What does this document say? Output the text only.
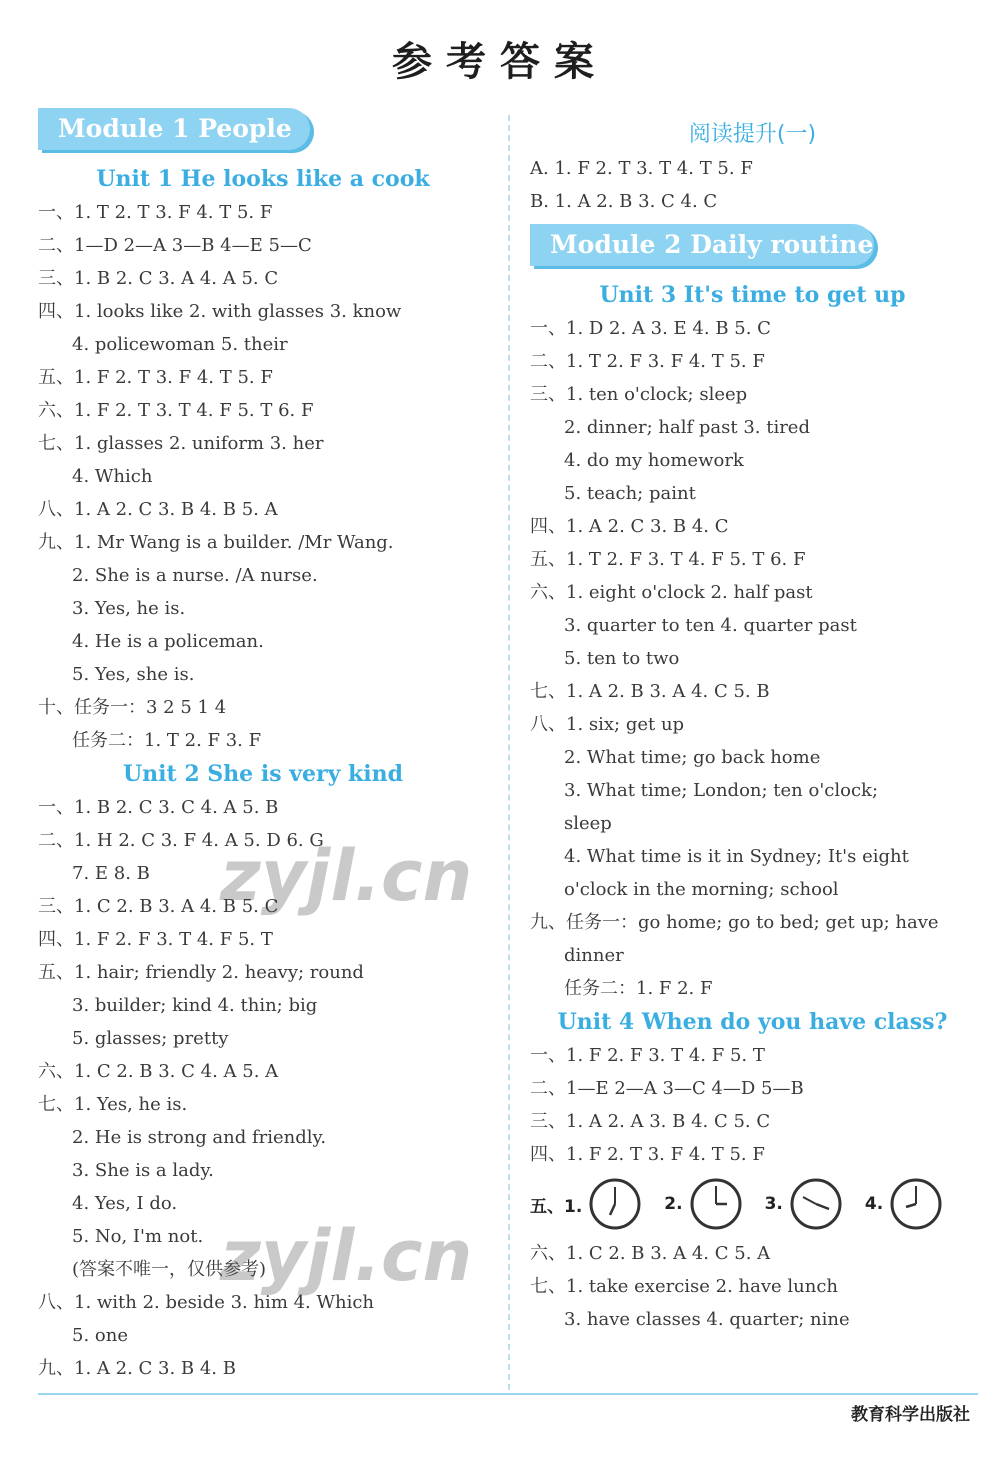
参考答案
Module 1 People
Unit 1 He looks like a cook
一、1. T 2. T 3. F 4. T 5. F
二、1—D 2—A 3—B 4—E 5—C
三、1. B 2. C 3. A 4. A 5. C
四、1. looks like 2. with glasses 3. know
4. policewoman 5. their
五、1. F 2. T 3. F 4. T 5. F
六、1. F 2. T 3. T 4. F 5. T 6. F
七、1. glasses 2. uniform 3. her
4. Which
八、1. A 2. C 3. B 4. B 5. A
九、1. Mr Wang is a builder. /Mr Wang.
2. She is a nurse. /A nurse.
3. Yes, he is.
4. He is a policeman.
5. Yes, she is.
十、任务一：3 2 5 1 4
任务二：1. T 2. F 3. F
Unit 2 She is very kind
一、1. B 2. C 3. C 4. A 5. B
二、1. H 2. C 3. F 4. A 5. D 6. G
7. E 8. B
三、1. C 2. B 3. A 4. B 5. C
四、1. F 2. F 3. T 4. F 5. T
五、1. hair; friendly 2. heavy; round
3. builder; kind 4. thin; big
5. glasses; pretty
六、1. C 2. B 3. C 4. A 5. A
七、1. Yes, he is.
2. He is strong and friendly.
3. She is a lady.
4. Yes, I do.
5. No, I'm not.
(答案不唯一，仅供参考)
八、1. with 2. beside 3. him 4. Which
5. one
九、1. A 2. C 3. B 4. B
阅读提升(一)
A. 1. F 2. T 3. T 4. T 5. F
B. 1. A 2. B 3. C 4. C
Module 2 Daily routine
Unit 3 It's time to get up
一、1. D 2. A 3. E 4. B 5. C
二、1. T 2. F 3. F 4. T 5. F
三、1. ten o'clock; sleep
2. dinner; half past 3. tired
4. do my homework
5. teach; paint
四、1. A 2. C 3. B 4. C
五、1. T 2. F 3. T 4. F 5. T 6. F
六、1. eight o'clock 2. half past
3. quarter to ten 4. quarter past
5. ten to two
七、1. A 2. B 3. A 4. C 5. B
八、1. six; get up
2. What time; go back home
3. What time; London; ten o'clock;
sleep
4. What time is it in Sydney; It's eight
o'clock in the morning; school
九、任务一：go home; go to bed; get up; have
dinner
任务二：1. F 2. F
Unit 4 When do you have class?
一、1. F 2. F 3. T 4. F 5. T
二、1—E 2—A 3—C 4—D 5—B
三、1. A 2. A 3. B 4. C 5. C
四、1. F 2. T 3. F 4. T 5. F
五、1.	2.	3.	4.
六、1. C 2. B 3. A 4. C 5. A
七、1. take exercise 2. have lunch
3. have classes 4. quarter; nine
教育科学出版社
zyjl.cn
zyjl.cn
